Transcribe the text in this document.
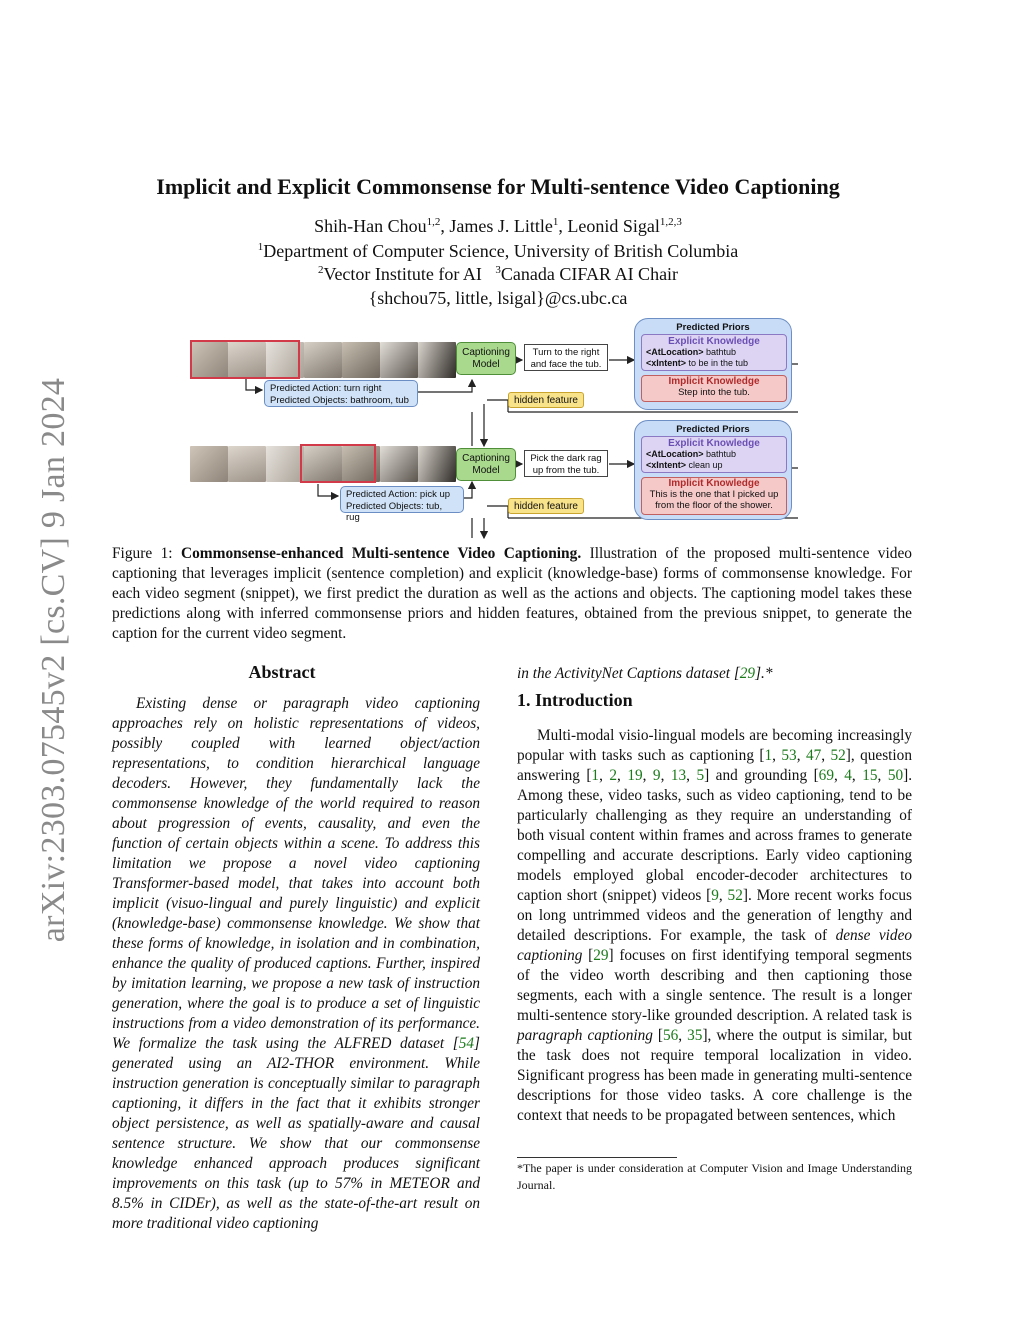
arXiv:2303.07545v2 [cs.CV] 9 Jan 2024
Implicit and Explicit Commonsense for Multi-sentence Video Captioning
Shih-Han Chou$^{1,2}$, James J. Little$^1$, Leonid Sigal$^{1,2,3}$
$^1$Department of Computer Science, University of British Columbia
$^2$Vector Institute for AI $^3$Canada CIFAR AI Chair
{shchou75, little, lsigal}@cs.ubc.ca
Predicted Action: turn right
Predicted Objects: bathroom, tub
Captioning
Model
Turn to the right
and face the tub.
hidden feature
Predicted Priors
Explicit Knowledge
<AtLocation> bathtub
<xIntent> to be in the tub
Implicit Knowledge
Step into the tub.
Predicted Action: pick up
Predicted Objects: tub, rug
Captioning
Model
Pick the dark rag
up from the tub.
hidden feature
Predicted Priors
Explicit Knowledge
<AtLocation> bathtub
<xIntent> clean up
Implicit Knowledge
This is the one that I picked up
from the floor of the shower.
Figure 1: Commonsense-enhanced Multi-sentence Video Captioning. Illustration of the proposed multi-sentence video captioning that leverages implicit (sentence completion) and explicit (knowledge-base) forms of commonsense knowledge. For each video segment (snippet), we first predict the duration as well as the actions and objects. The captioning model takes these predictions along with inferred commonsense priors and hidden features, obtained from the previous snippet, to generate the caption for the current video segment.
Abstract
Existing dense or paragraph video captioning approaches rely on holistic representations of videos, possibly coupled with learned object/action representations, to condition hierarchical language decoders. However, they fundamentally lack the commonsense knowledge of the world required to reason about progression of events, causality, and even the function of certain objects within a scene. To address this limitation we propose a novel video captioning Transformer-based model, that takes into account both implicit (visuo-lingual and purely linguistic) and explicit (knowledge-base) commonsense knowledge. We show that these forms of knowledge, in isolation and in combination, enhance the quality of produced captions. Further, inspired by imitation learning, we propose a new task of instruction generation, where the goal is to produce a set of linguistic instructions from a video demonstration of its performance. We formalize the task using the ALFRED dataset [54] generated using an AI2-THOR environment. While instruction generation is conceptually similar to paragraph captioning, it differs in the fact that it exhibits stronger object persistence, as well as spatially-aware and causal sentence structure. We show that our commonsense knowledge enhanced approach produces significant improvements on this task (up to 57% in METEOR and 8.5% in CIDEr), as well as the state-of-the-art result on more traditional video captioning
in the ActivityNet Captions dataset [29].*
1. Introduction
Multi-modal visio-lingual models are becoming increasingly popular with tasks such as captioning [1, 53, 47, 52], question answering [1, 2, 19, 9, 13, 5] and grounding [69, 4, 15, 50]. Among these, video tasks, such as video captioning, tend to be particularly challenging as they require an understanding of both visual content within frames and across frames to generate compelling and accurate descriptions. Early video captioning models employed global encoder-decoder architectures to caption short (snippet) videos [9, 52]. More recent works focus on long untrimmed videos and the generation of lengthy and detailed descriptions. For example, the task of dense video captioning [29] focuses on first identifying temporal segments of the video worth describing and then captioning those segments, each with a single sentence. The result is a longer multi-sentence story-like grounded description. A related task is paragraph captioning [56, 35], where the output is similar, but the task does not require temporal localization in video. Significant progress has been made in generating multi-sentence descriptions for those video tasks. A core challenge is the context that needs to be propagated between sentences, which
*The paper is under consideration at Computer Vision and Image Understanding Journal.
